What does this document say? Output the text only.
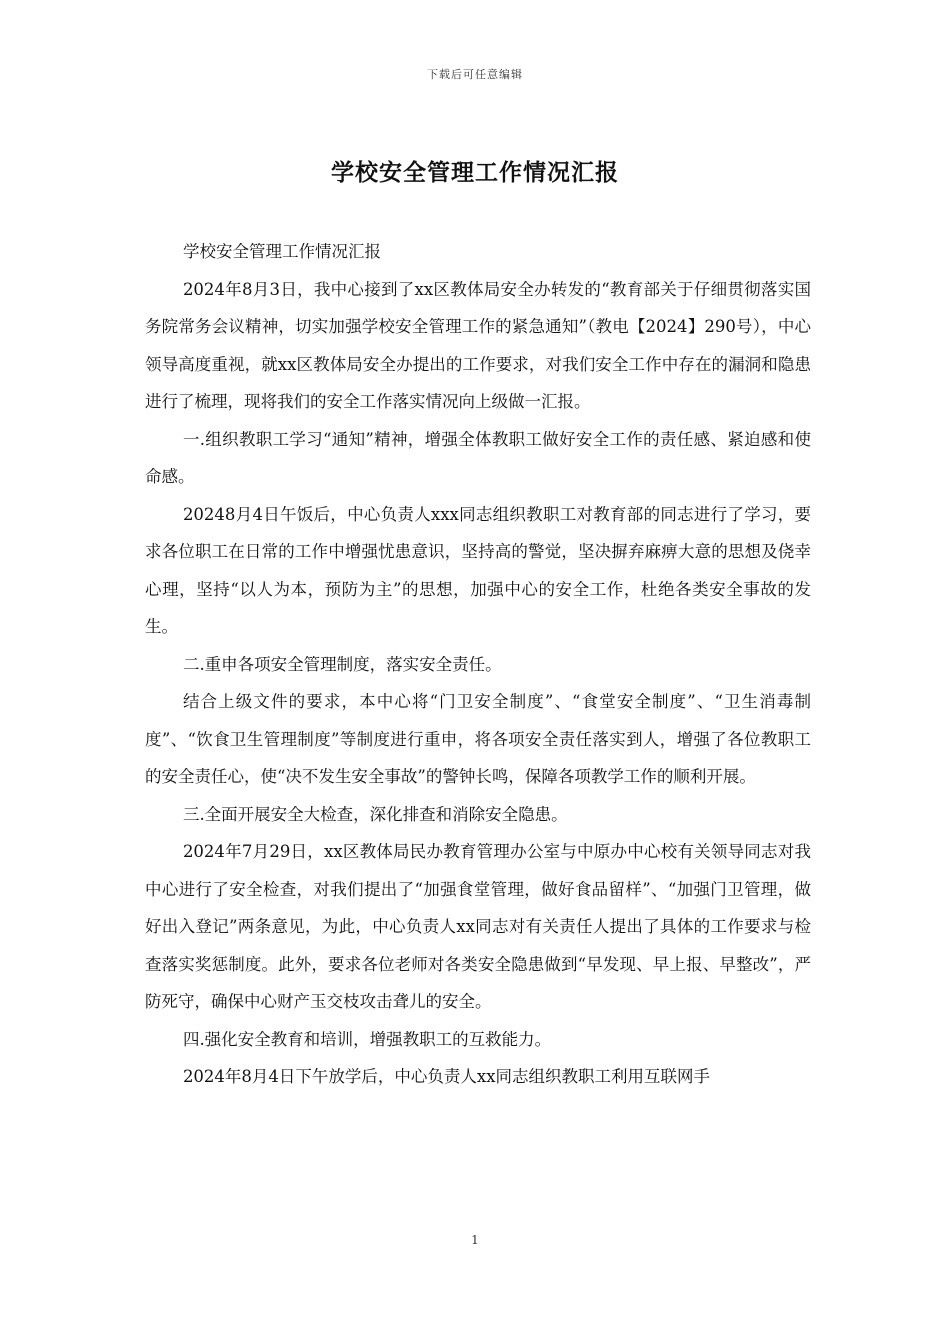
下载后可任意编辑
学校安全管理工作情况汇报

学校安全管理工作情况汇报

2024年8月3日，我中心接到了xx区教体局安全办转发的“教育部关于仔细贯彻落实国务院常务会议精神，切实加强学校安全管理工作的紧急通知”（教电【2024】290号），中心领导高度重视，就xx区教体局安全办提出的工作要求，对我们安全工作中存在的漏洞和隐患进行了梳理，现将我们的安全工作落实情况向上级做一汇报。

一.组织教职工学习“通知”精神，增强全体教职工做好安全工作的责任感、紧迫感和使命感。

20248月4日午饭后，中心负责人xxx同志组织教职工对教育部的同志进行了学习，要求各位职工在日常的工作中增强忧患意识，坚持高的警觉，坚决摒弃麻痹大意的思想及侥幸心理，坚持“以人为本，预防为主”的思想，加强中心的安全工作，杜绝各类安全事故的发生。

二.重申各项安全管理制度，落实安全责任。

结合上级文件的要求，本中心将“门卫安全制度”、“食堂安全制度”、“卫生消毒制度”、“饮食卫生管理制度”等制度进行重申，将各项安全责任落实到人，增强了各位教职工的安全责任心，使“决不发生安全事故”的警钟长鸣，保障各项教学工作的顺利开展。

三.全面开展安全大检查，深化排查和消除安全隐患。

2024年7月29日，xx区教体局民办教育管理办公室与中原办中心校有关领导同志对我中心进行了安全检查，对我们提出了“加强食堂管理，做好食品留样”、“加强门卫管理，做好出入登记”两条意见，为此，中心负责人xx同志对有关责任人提出了具体的工作要求与检查落实奖惩制度。此外，要求各位老师对各类安全隐患做到“早发现、早上报、早整改”，严防死守，确保中心财产玉交枝攻击聋儿的安全。

四.强化安全教育和培训，增强教职工的互救能力。

2024年8月4日下午放学后，中心负责人xx同志组织教职工利用互联网手

1
